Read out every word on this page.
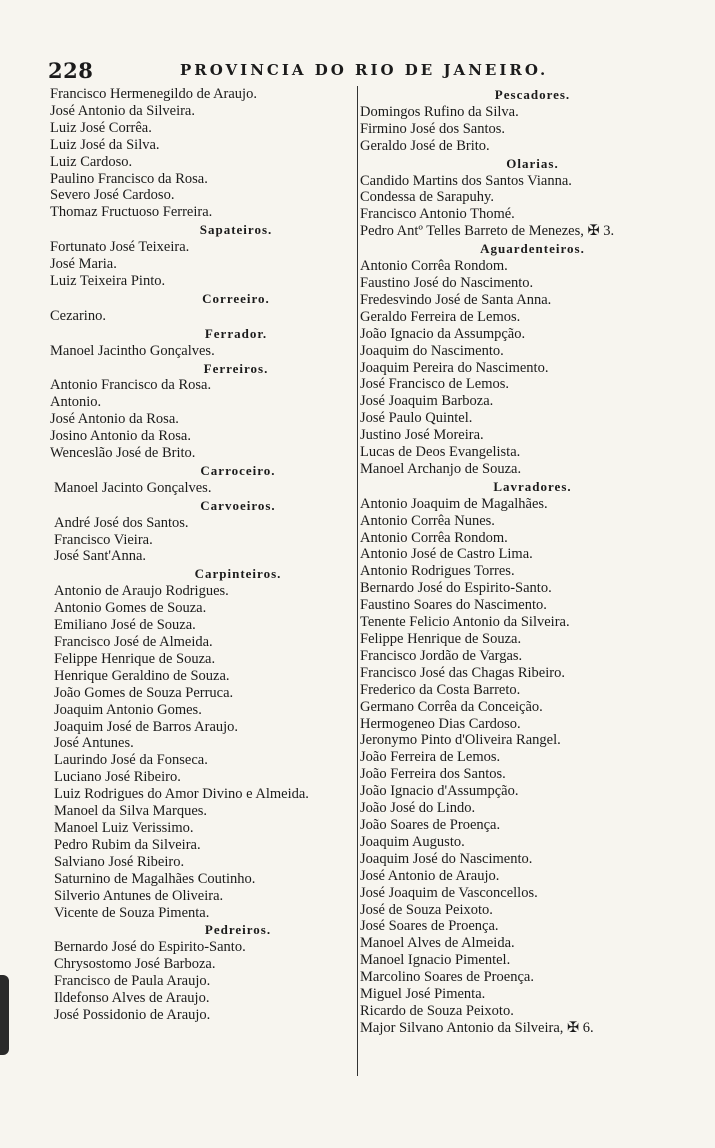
228	PROVINCIA DO RIO DE JANEIRO.
Francisco Hermenegildo de Araujo.
José Antonio da Silveira.
Luiz José Corrêa.
Luiz José da Silva.
Luiz Cardoso.
Paulino Francisco da Rosa.
Severo José Cardoso.
Thomaz Fructuoso Ferreira.
Sapateiros.
Fortunato José Teixeira.
José Maria.
Luiz Teixeira Pinto.
Correeiro.
Cezarino.
Ferrador.
Manoel Jacintho Gonçalves.
Ferreiros.
Antonio Francisco da Rosa.
Antonio.
José Antonio da Rosa.
Josino Antonio da Rosa.
Wenceslão José de Brito.
Carroceiro.
Manoel Jacinto Gonçalves.
Carvoeiros.
André José dos Santos.
Francisco Vieira.
José Sant'Anna.
Carpinteiros.
Antonio de Araujo Rodrigues.
Antonio Gomes de Souza.
Emiliano José de Souza.
Francisco José de Almeida.
Felippe Henrique de Souza.
Henrique Geraldino de Souza.
João Gomes de Souza Perruca.
Joaquim Antonio Gomes.
Joaquim José de Barros Araujo.
José Antunes.
Laurindo José da Fonseca.
Luciano José Ribeiro.
Luiz Rodrigues do Amor Divino e Almeida.
Manoel da Silva Marques.
Manoel Luiz Verissimo.
Pedro Rubim da Silveira.
Salviano José Ribeiro.
Saturnino de Magalhães Coutinho.
Silverio Antunes de Oliveira.
Vicente de Souza Pimenta.
Pedreiros.
Bernardo José do Espirito-Santo.
Chrysostomo José Barboza.
Francisco de Paula Araujo.
Ildefonso Alves de Araujo.
José Possidonio de Araujo.
Pescadores.
Domingos Rufino da Silva.
Firmino José dos Santos.
Geraldo José de Brito.
Olarias.
Candido Martins dos Santos Vianna.
Condessa de Sarapuhy.
Francisco Antonio Thomé.
Pedro Antº Telles Barreto de Menezes, ✠ 3.
Aguardenteiros.
Antonio Corrêa Rondom.
Faustino José do Nascimento.
Fredesvindo José de Santa Anna.
Geraldo Ferreira de Lemos.
João Ignacio da Assumpção.
Joaquim do Nascimento.
Joaquim Pereira do Nascimento.
José Francisco de Lemos.
José Joaquim Barboza.
José Paulo Quintel.
Justino José Moreira.
Lucas de Deos Evangelista.
Manoel Archanjo de Souza.
Lavradores.
Antonio Joaquim de Magalhães.
Antonio Corrêa Nunes.
Antonio Corrêa Rondom.
Antonio José de Castro Lima.
Antonio Rodrigues Torres.
Bernardo José do Espirito-Santo.
Faustino Soares do Nascimento.
Tenente Felicio Antonio da Silveira.
Felippe Henrique de Souza.
Francisco Jordão de Vargas.
Francisco José das Chagas Ribeiro.
Frederico da Costa Barreto.
Germano Corrêa da Conceição.
Hermogeneo Dias Cardoso.
Jeronymo Pinto d'Oliveira Rangel.
João Ferreira de Lemos.
João Ferreira dos Santos.
João Ignacio d'Assumpção.
João José do Lindo.
João Soares de Proença.
Joaquim Augusto.
Joaquim José do Nascimento.
José Antonio de Araujo.
José Joaquim de Vasconcellos.
José de Souza Peixoto.
José Soares de Proença.
Manoel Alves de Almeida.
Manoel Ignacio Pimentel.
Marcolino Soares de Proença.
Miguel José Pimenta.
Ricardo de Souza Peixoto.
Major Silvano Antonio da Silveira, ✠ 6.
